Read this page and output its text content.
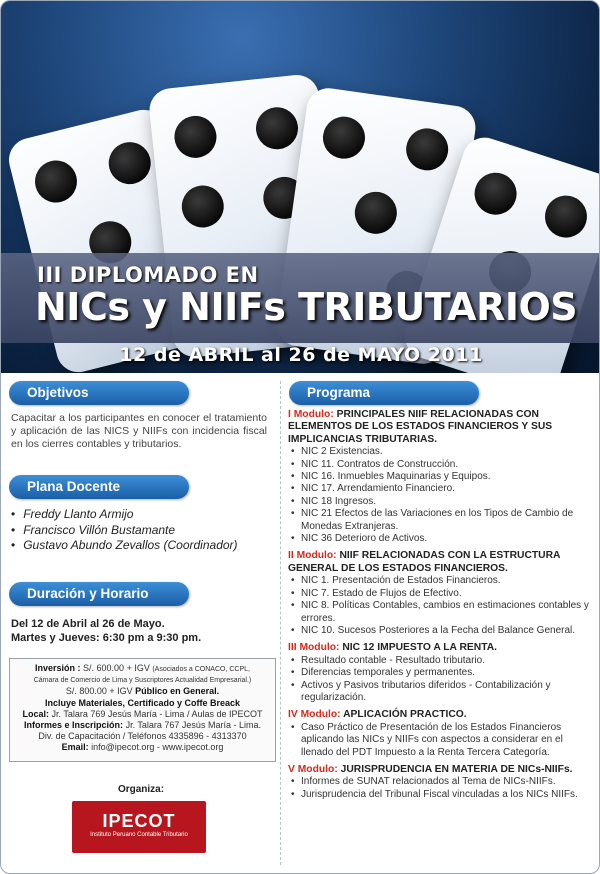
III DIPLOMADO EN
NICs y NIIFs TRIBUTARIOS
12 de ABRIL al 26 de MAYO 2011
Objetivos
Capacitar a los participantes en conocer el tratamiento y aplicación de las NICS y NIIFs con incidencia fiscal en los cierres contables y tributarios.
Plana Docente
• Freddy Llanto Armijo
• Francisco Villón Bustamante
• Gustavo Abundo Zevallos (Coordinador)
Duración y Horario
Del 12 de Abril al 26 de Mayo.
Martes y Jueves: 6:30 pm a 9:30 pm.
Inversión : S/. 600.00 + IGV (Asociados a CONACO, CCPL,
Cámara de Comercio de Lima y Suscriptores Actualidad Empresarial.)
S/. 800.00 + IGV Público en General.
Incluye Materiales, Certificado y Coffe Breack
Local: Jr. Talara 769 Jesús María - Lima / Aulas de IPECOT
Informes e Inscripción: Jr. Talara 767 Jesús María - Lima.
Div. de Capacitación / Teléfonos 4335896 - 4313370
Email: info@ipecot.org - www.ipecot.org
Organiza:
IPECOT
Instituto Peruano Contable Tributario
Programa
I Modulo: PRINCIPALES NIIF RELACIONADAS CON ELEMENTOS DE LOS ESTADOS FINANCIEROS Y SUS IMPLICANCIAS TRIBUTARIAS.
• NIC 2 Existencias.
• NIC 11. Contratos de Construcción.
• NIC 16. Inmuebles Maquinarias y Equipos.
• NIC 17. Arrendamiento Financiero.
• NIC 18 Ingresos.
• NIC 21 Efectos de las Variaciones en los Tipos de Cambio de Monedas Extranjeras.
• NIC 36 Deterioro de Activos.
II Modulo: NIIF RELACIONADAS CON LA ESTRUCTURA GENERAL DE LOS ESTADOS FINANCIEROS.
• NIC 1. Presentación de Estados Financieros.
• NIC 7. Estado de Flujos de Efectivo.
• NIC 8. Políticas Contables, cambios en estimaciones contables y errores.
• NIC 10. Sucesos Posteriores a la Fecha del Balance General.
III Modulo: NIC 12 IMPUESTO A LA RENTA.
• Resultado contable - Resultado tributario.
• Diferencias temporales y permanentes.
• Activos y Pasivos tributarios diferidos - Contabilización y regularización.
IV Modulo: APLICACIÓN PRACTICO.
• Caso Práctico de Presentación de los Estados Financieros aplicando las NICs y NIIFs con aspectos a considerar en el llenado del PDT Impuesto a la Renta Tercera Categoría.
V Modulo: JURISPRUDENCIA EN MATERIA DE NICs-NIIFs.
• Informes de SUNAT relacionados al Tema de NICs-NIIFs.
• Jurisprudencia del Tribunal Fiscal vinculadas a los NICs NIIFs.
